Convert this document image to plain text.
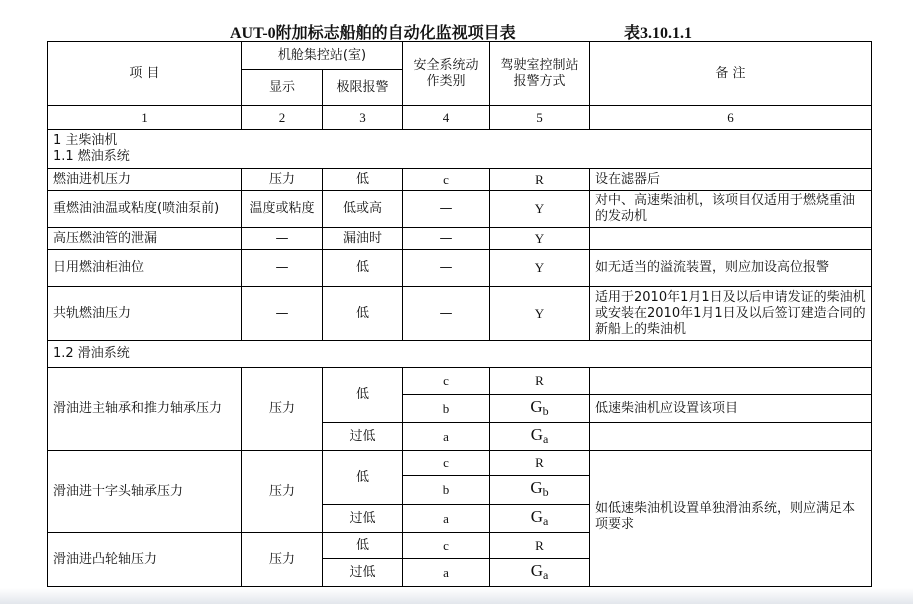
AUT-0附加标志船舶的自动化监视项目表	表3.10.1.1
项 目	机舱集控站(室)		安全系统动作类别	驾驶室控制站报警方式	备 注
	显示	极限报警			
1	2	3	4	5	6

1 主柴油机
1.1 燃油系统					

燃油进机压力	压力	低	c	R	设在滤器后
重燃油油温或粘度(喷油泵前)	温度或粘度	低或高	—	Y	对中、高速柴油机，该项目仅适用于燃烧重油的发动机
高压燃油管的泄漏	—	漏油时	—	Y	
日用燃油柜油位	—	低	—	Y	如无适当的溢流装置，则应加设高位报警
共轨燃油压力	—	低	—	Y	适用于2010年1月1日及以后申请发证的柴油机或安装在2010年1月1日及以后签订建造合同的新船上的柴油机
1.2 滑油系统					
滑油进主轴承和推力轴承压力	压力	低	c	R	
			b	$G_b$	低速柴油机应设置该项目
		过低	a	$G_a$	
滑油进十字头轴承压力	压力	低	c	R	如低速柴油机设置单独滑油系统，则应满足本项要求
			b	$G_b$
		过低	a	$G_a$
滑油进凸轮轴压力	压力	低	c	R	
		过低	a	$G_a$
